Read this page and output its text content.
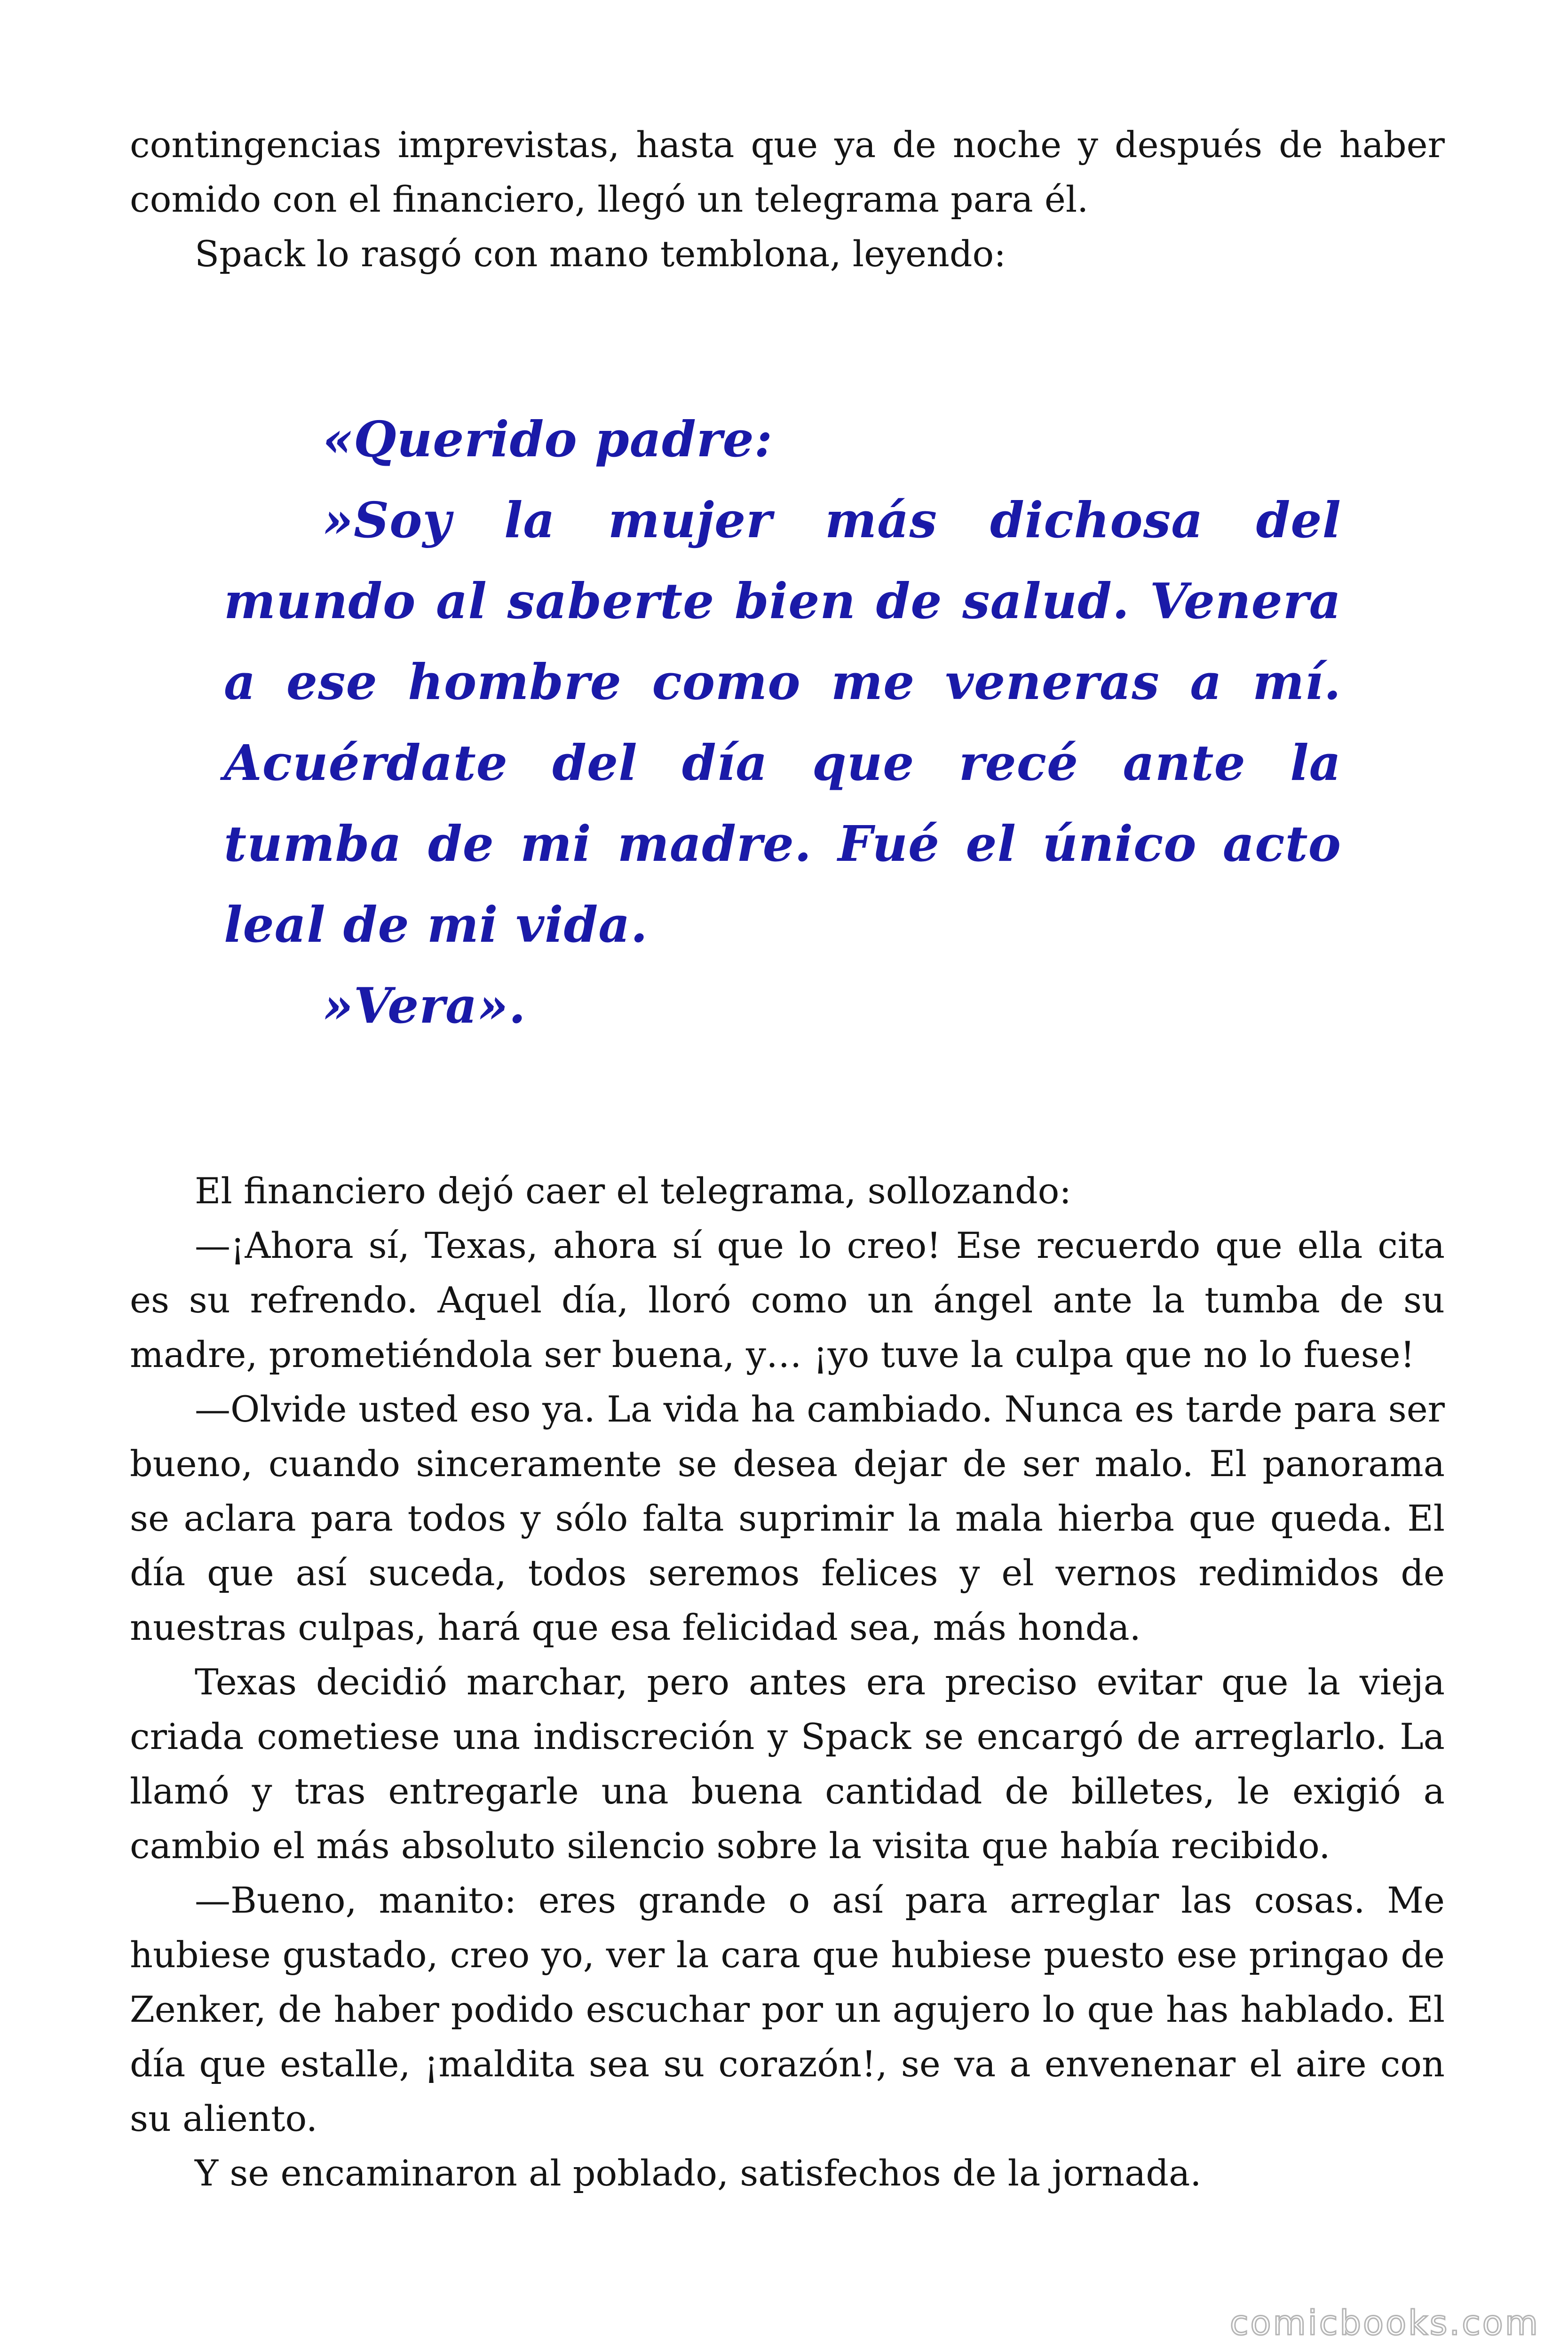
contingencias imprevistas, hasta que ya de noche y después de haber comido con el financiero, llegó un telegrama para él.

Spack lo rasgó con mano temblona, leyendo:

«Querido padre:

»Soy la mujer más dichosa del mundo al saberte bien de salud. Venera a ese hombre como me veneras a mí. Acuérdate del día que recé ante la tumba de mi madre. Fué el único acto leal de mi vida.

»Vera».

El financiero dejó caer el telegrama, sollozando:

—¡Ahora sí, Texas, ahora sí que lo creo! Ese recuerdo que ella cita es su refrendo. Aquel día, lloró como un ángel ante la tumba de su madre, prometiéndola ser buena, y… ¡yo tuve la culpa que no lo fuese!

—Olvide usted eso ya. La vida ha cambiado. Nunca es tarde para ser bueno, cuando sinceramente se desea dejar de ser malo. El panorama se aclara para todos y sólo falta suprimir la mala hierba que queda. El día que así suceda, todos seremos felices y el vernos redimidos de nuestras culpas, hará que esa felicidad sea, más honda.

Texas decidió marchar, pero antes era preciso evitar que la vieja criada cometiese una indiscreción y Spack se encargó de arreglarlo. La llamó y tras entregarle una buena cantidad de billetes, le exigió a cambio el más absoluto silencio sobre la visita que había recibido.

—Bueno, manito: eres grande o así para arreglar las cosas. Me hubiese gustado, creo yo, ver la cara que hubiese puesto ese pringao de Zenker, de haber podido escuchar por un agujero lo que has hablado. El día que estalle, ¡maldita sea su corazón!, se va a envenenar el aire con su aliento.

Y se encaminaron al poblado, satisfechos de la jornada.

comicbooks.com
